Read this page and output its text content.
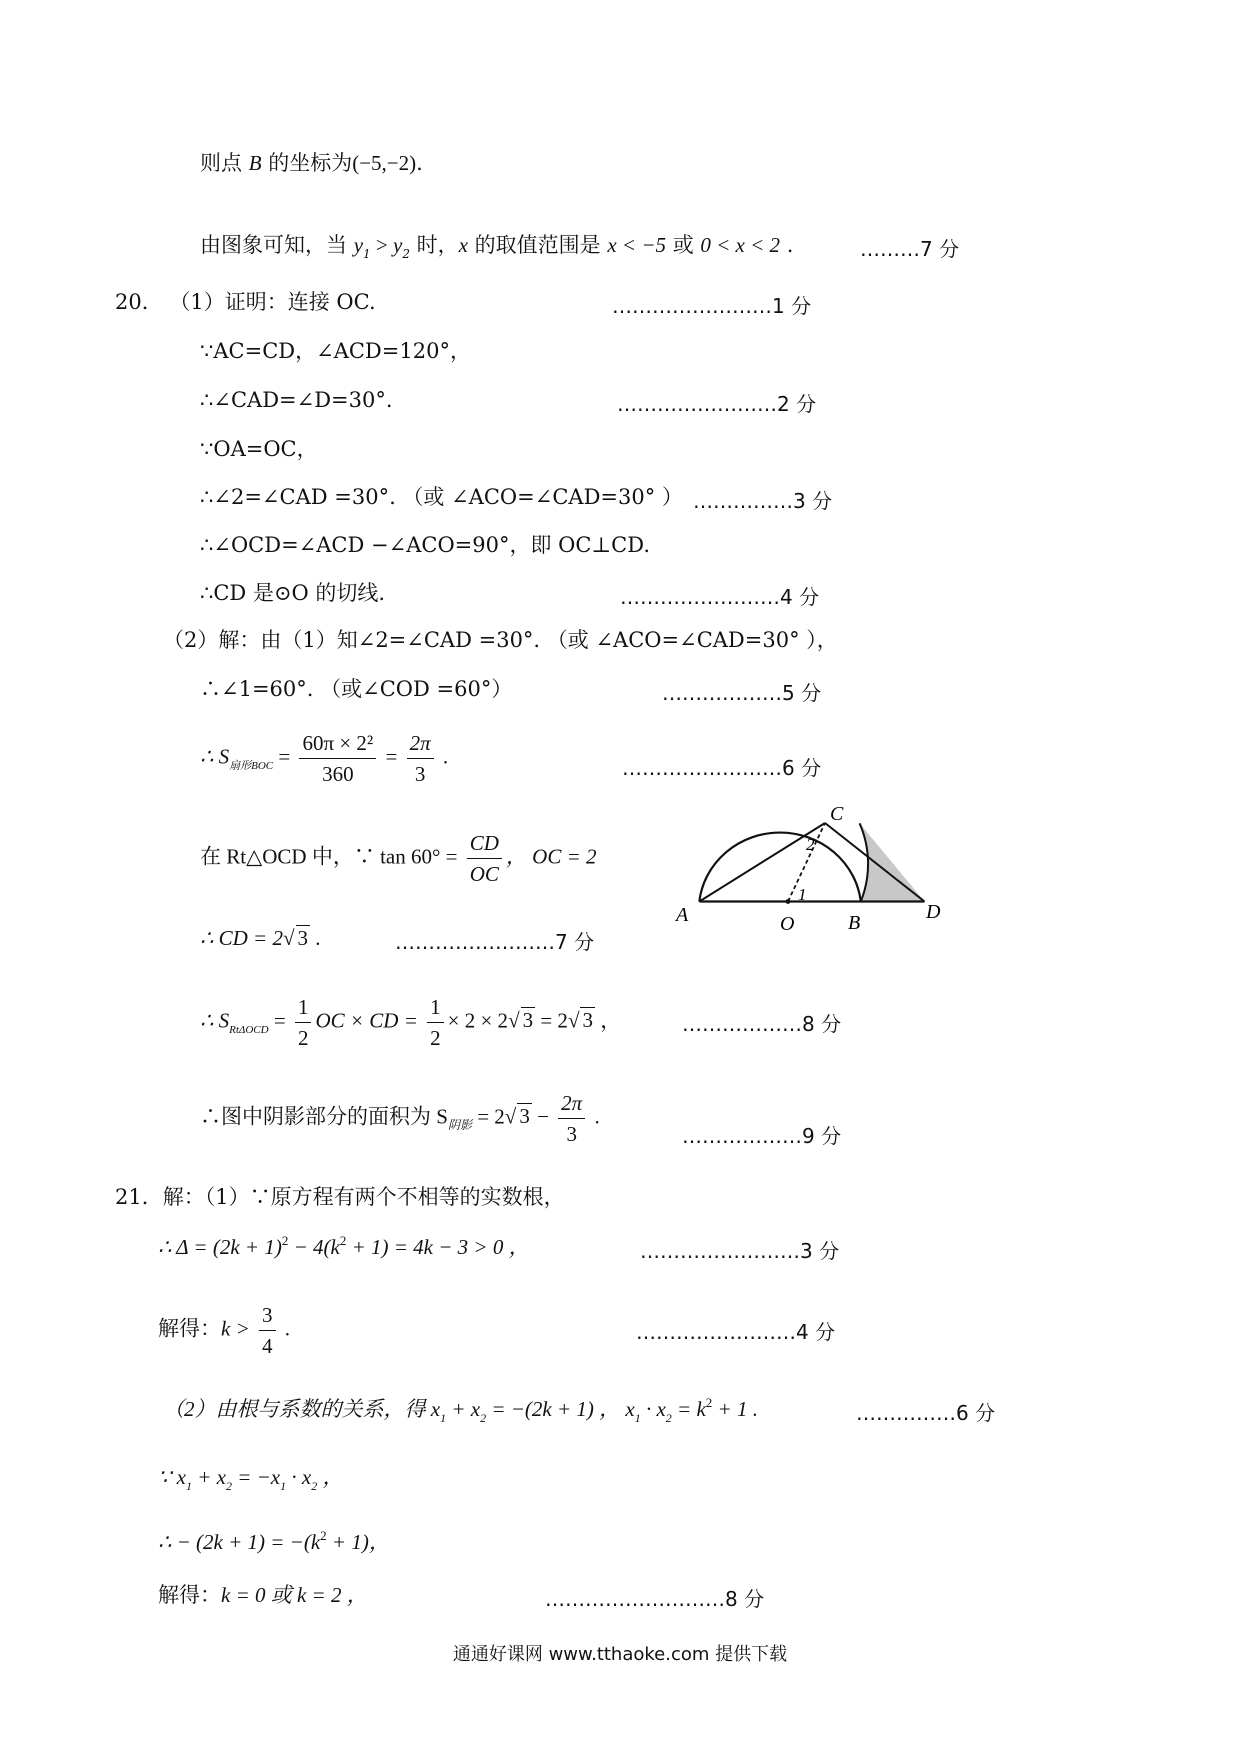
则点 B 的坐标为(−5,−2).
由图象可知，当 $y_1 > y_2$ 时，x 的取值范围是 x < −5 或 0 < x < 2 .	………7 分
20． （1）证明：连接 OC.	……………………1 分
∵AC=CD，∠ACD=120°，
∴∠CAD=∠D=30°.	……………………2 分
∵OA=OC，
∴∠2=∠CAD =30°. （或 ∠ACO=∠CAD=30° ） ……………3 分
∴∠OCD=∠ACD −∠ACO=90°，即 OC⊥CD.
∴CD 是⊙O 的切线.	……………………4 分
（2）解：由（1）知∠2=∠CAD =30°. （或 ∠ACO=∠CAD=30° ），
∴∠1=60°. （或∠COD =60°）	………………5 分
∴ $S_{扇形BOC} = \frac{\text{60π × 2²}}{360} = \frac{2\pi}{3}$ .	……………………6 分
在 Rt△OCD 中，∵ $\tan 60^\circ = \frac{CD}{OC}$ ， OC = 2
∴ CD = 2√ 3 .	……………………7 分
∴ $S_{Rt\Delta OCD} = \frac{1}{2}$ OC × CD = $\frac{1}{2} \times 2 \times 2√$ 3 = 2√ 3 ，	………………8 分
∴图中阴影部分的面积为 $S_{阴影} = 2√$ $3 - \frac{2\pi}{3}$ .
………………9 分
21．解：（1）∵原方程有两个不相等的实数根，
∴ $\Delta = (2k + 1)^2 - 4(k^2 + 1) = 4k - 3 > 0$ ，	……………………3 分
解得：$k > \frac{3}{4}$ .	……………………4 分
（2）由根与系数的关系，得 $x_1 + x_2 = -(2k + 1)$ ， $x_1 \cdot x_2 = k^2 + 1$ .	……………6 分
∵ $x_1 + x_2 = -x_1 \cdot x_2$ ，
∴ − $(2k + 1) = -(k^2 + 1)$，
解得：k = 0 或 k = 2 ，	………………………8 分
A	O	B
C
D
1
2
通通好课网 www.tthaoke.com 提供下载
